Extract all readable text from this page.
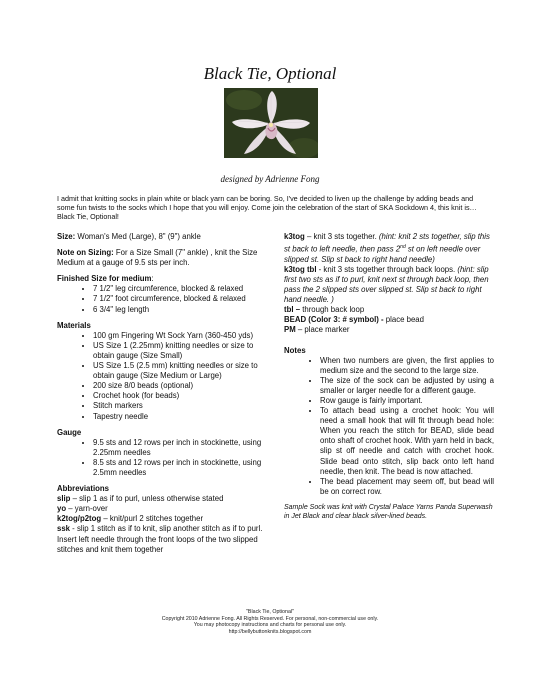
Black Tie, Optional
designed by Adrienne Fong
I admit that knitting socks in plain white or black yarn can be boring. So, I've decided to liven up the challenge by adding beads and some fun twists to the socks which I hope that you will enjoy. Come join the celebration of the start of SKA Sockdown 4, this knit is…Black Tie, Optional!

Size: Woman's Med (Large), 8" (9") ankle

Note on Sizing: For a Size Small (7" ankle) , knit the Size Medium at a gauge of 9.5 sts per inch.

Finished Size for medium:

• 7 1/2" leg circumference, blocked & relaxed
• 7 1/2" foot circumference, blocked & relaxed
• 6 3/4" leg length

Materials

• 100 gm Fingering Wt Sock Yarn (360-450 yds)
• US Size 1 (2.25mm) knitting needles or size to obtain gauge (Size Small)
• US Size 1.5 (2.5 mm) knitting needles or size to obtain gauge (Size Medium or Large)
• 200 size 8/0 beads (optional)
• Crochet hook (for beads)
• Stitch markers
• Tapestry needle

Gauge

• 9.5 sts and 12 rows per inch in stockinette, using 2.25mm needles
• 8.5 sts and 12 rows per inch in stockinette, using 2.5mm needles

Abbreviations

slip – slip 1 as if to purl, unless otherwise stated

yo – yarn-over

k2tog/p2tog – knit/purl 2 stitches together

ssk - slip 1 stitch as if to knit, slip another stitch as if to purl. Insert left needle through the front loops of the two slipped stitches and knit them together

k3tog – knit 3 sts together. (hint: knit 2 sts together, slip this st back to left needle, then pass 2nd st on left needle over slipped st. Slip st back to right hand needle)

k3tog tbl - knit 3 sts together through back loops. (hint: slip first two sts as if to purl, knit next st through back loop, then pass the 2 slipped sts over slipped st. Slip st back to right hand needle. )

tbl – through back loop

BEAD (Color 3: # symbol) - place bead

PM – place marker

Notes

• When two numbers are given, the first applies to medium size and the second to the large size.
• The size of the sock can be adjusted by using a smaller or larger needle for a different gauge.
• Row gauge is fairly important.
• To attach bead using a crochet hook: You will need a small hook that will fit through bead hole: When you reach the stitch for BEAD, slide bead onto shaft of crochet hook. With yarn held in back, slip st off needle and catch with crochet hook. Slide bead onto stitch, slip back onto left hand needle, then knit. The bead is now attached.
• The bead placement may seem off, but bead will be on correct row.

Sample Sock was knit with Crystal Palace Yarns Panda Superwash in Jet Black and clear black silver-lined beads.

"Black Tie, Optional"
Copyright 2010 Adrienne Fong. All Rights Reserved. For personal, non-commercial use only.
You may photocopy instructions and charts for personal use only.
http://bellybuttonknits.blogspot.com
